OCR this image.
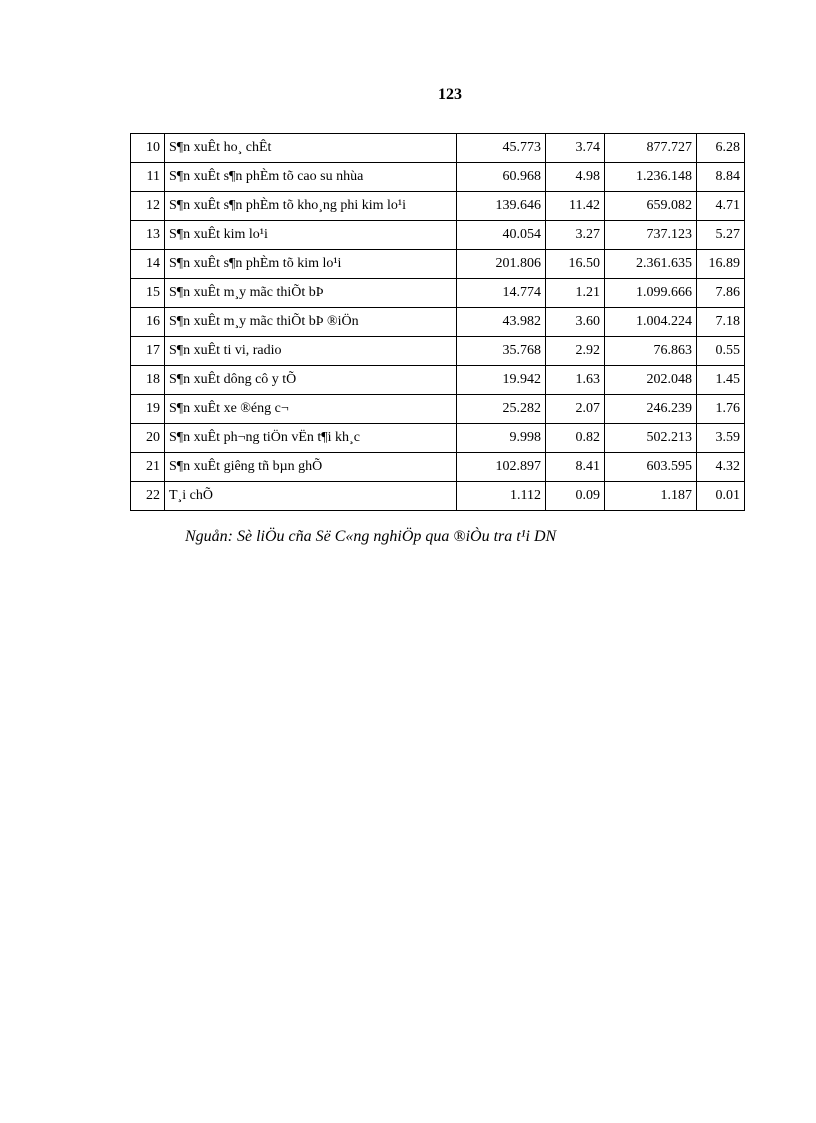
123
10	S¶n xuÊt ho¸ chÊt	45.773	3.74	877.727	6.28
11	S¶n xuÊt s¶n phÈm tõ cao su nhùa	60.968	4.98	1.236.148	8.84
12	S¶n xuÊt s¶n phÈm tõ kho¸ng phi kim lo¹i	139.646	11.42	659.082	4.71
13	S¶n xuÊt kim lo¹i	40.054	3.27	737.123	5.27
14	S¶n xuÊt s¶n phÈm tõ kim lo¹i	201.806	16.50	2.361.635	16.89
15	S¶n xuÊt m¸y mãc thiÕt bÞ	14.774	1.21	1.099.666	7.86
16	S¶n xuÊt m¸y mãc thiÕt bÞ ®iÖn	43.982	3.60	1.004.224	7.18
17	S¶n xuÊt ti vi, radio	35.768	2.92	76.863	0.55
18	S¶n xuÊt dông cô y tÕ	19.942	1.63	202.048	1.45
19	S¶n xuÊt xe ®éng c¬	25.282	2.07	246.239	1.76
20	S¶n xuÊt ph¬ng tiÖn vËn t¶i kh¸c	9.998	0.82	502.213	3.59
21	S¶n xuÊt giêng tñ bµn ghÕ	102.897	8.41	603.595	4.32
22	T¸i chÕ	1.112	0.09	1.187	0.01
Nguån: Sè liÖu cña Së C«ng nghiÖp qua ®iÒu tra t¹i DN
